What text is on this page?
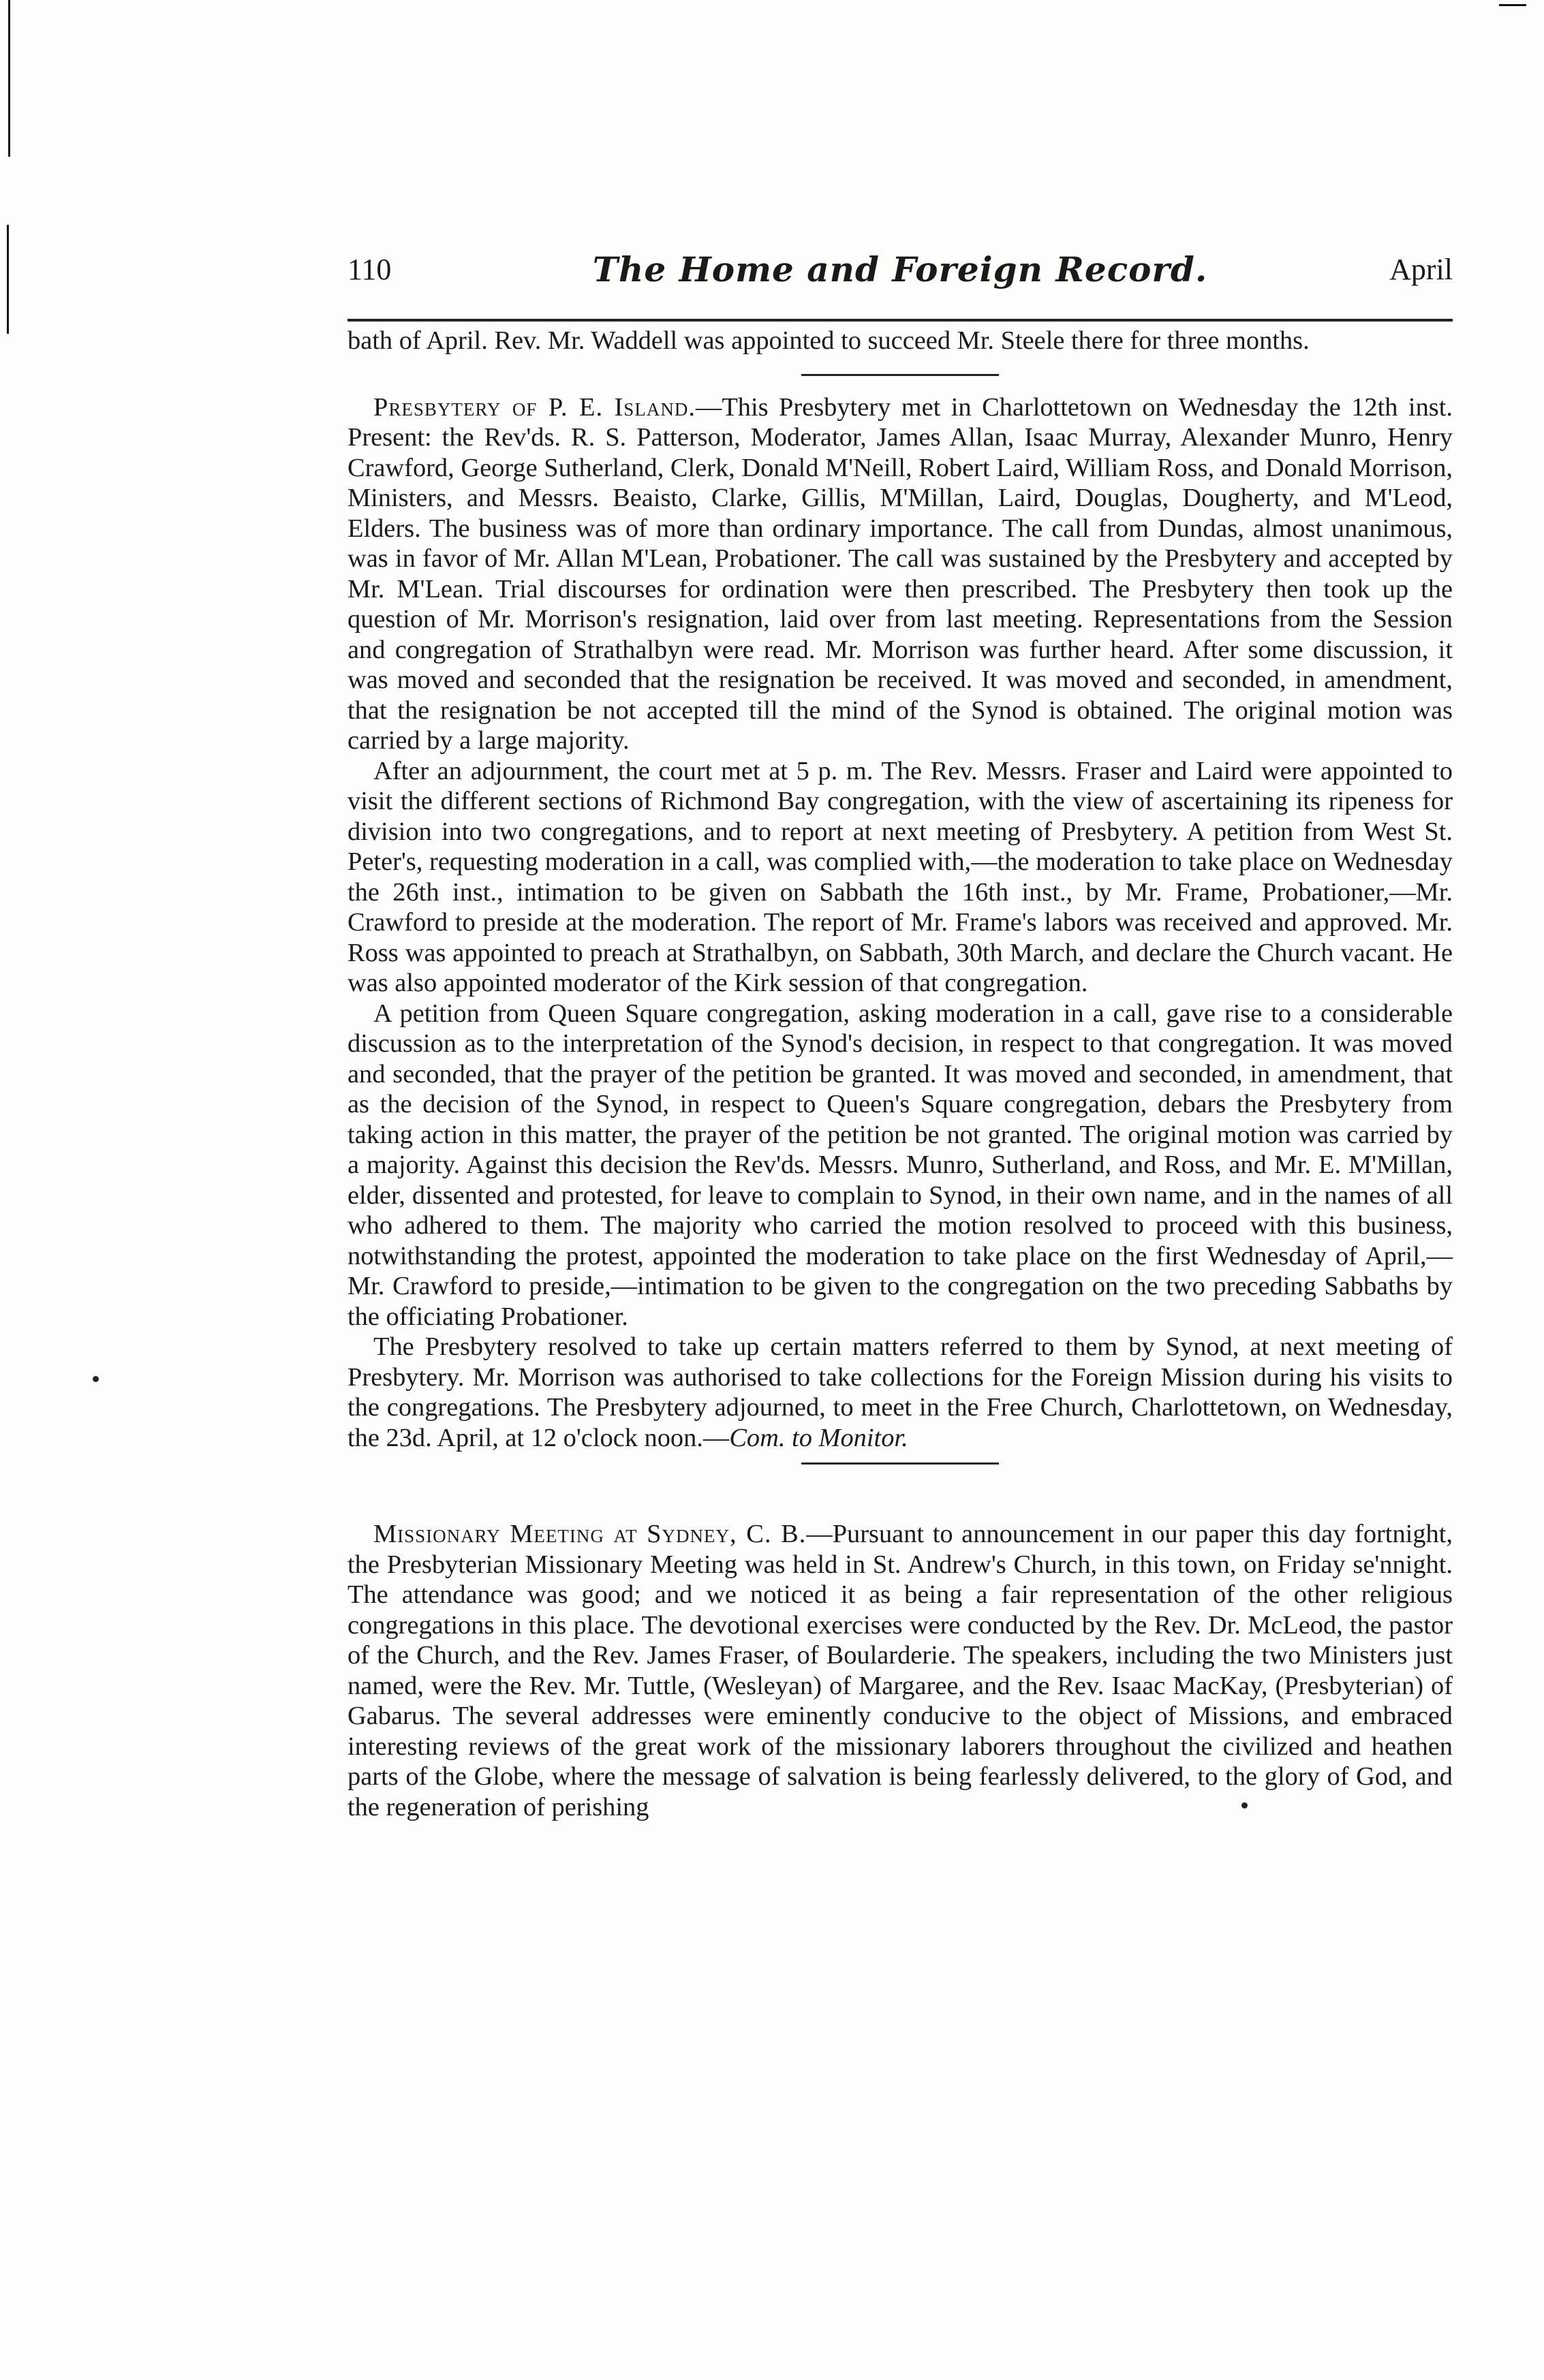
110	The Home and Foreign Record.	April

bath of April. Rev. Mr. Waddell was appointed to succeed Mr. Steele there for three months.

Presbytery of P. E. Island.—This Presbytery met in Charlottetown on Wednesday the 12th inst. Present: the Rev'ds. R. S. Patterson, Moderator, James Allan, Isaac Murray, Alexander Munro, Henry Crawford, George Sutherland, Clerk, Donald M'Neill, Robert Laird, William Ross, and Donald Morrison, Ministers, and Messrs. Beaisto, Clarke, Gillis, M'Millan, Laird, Douglas, Dougherty, and M'Leod, Elders. The business was of more than ordinary importance. The call from Dundas, almost unanimous, was in favor of Mr. Allan M'Lean, Probationer. The call was sustained by the Presbytery and accepted by Mr. M'Lean. Trial discourses for ordination were then prescribed. The Presbytery then took up the question of Mr. Morrison's resignation, laid over from last meeting. Representations from the Session and congregation of Strathalbyn were read. Mr. Morrison was further heard. After some discussion, it was moved and seconded that the resignation be received. It was moved and seconded, in amendment, that the resignation be not accepted till the mind of the Synod is obtained. The original motion was carried by a large majority.

After an adjournment, the court met at 5 p. m. The Rev. Messrs. Fraser and Laird were appointed to visit the different sections of Richmond Bay congregation, with the view of ascertaining its ripeness for division into two congregations, and to report at next meeting of Presbytery. A petition from West St. Peter's, requesting moderation in a call, was complied with,—the moderation to take place on Wednesday the 26th inst., intimation to be given on Sabbath the 16th inst., by Mr. Frame, Probationer,—Mr. Crawford to preside at the moderation. The report of Mr. Frame's labors was received and approved. Mr. Ross was appointed to preach at Strathalbyn, on Sabbath, 30th March, and declare the Church vacant. He was also appointed moderator of the Kirk session of that congregation.

A petition from Queen Square congregation, asking moderation in a call, gave rise to a considerable discussion as to the interpretation of the Synod's decision, in respect to that congregation. It was moved and seconded, that the prayer of the petition be granted. It was moved and seconded, in amendment, that as the decision of the Synod, in respect to Queen's Square congregation, debars the Presbytery from taking action in this matter, the prayer of the petition be not granted. The original motion was carried by a majority. Against this decision the Rev'ds. Messrs. Munro, Sutherland, and Ross, and Mr. E. M'Millan, elder, dissented and protested, for leave to complain to Synod, in their own name, and in the names of all who adhered to them. The majority who carried the motion resolved to proceed with this business, notwithstanding the protest, appointed the moderation to take place on the first Wednesday of April,—Mr. Crawford to preside,—intimation to be given to the congregation on the two preceding Sabbaths by the officiating Probationer.

The Presbytery resolved to take up certain matters referred to them by Synod, at next meeting of Presbytery. Mr. Morrison was authorised to take collections for the Foreign Mission during his visits to the congregations. The Presbytery adjourned, to meet in the Free Church, Charlottetown, on Wednesday, the 23d. April, at 12 o'clock noon.—Com. to Monitor.

Missionary Meeting at Sydney, C. B.—Pursuant to announcement in our paper this day fortnight, the Presbyterian Missionary Meeting was held in St. Andrew's Church, in this town, on Friday se'nnight. The attendance was good; and we noticed it as being a fair representation of the other religious congregations in this place. The devotional exercises were conducted by the Rev. Dr. McLeod, the pastor of the Church, and the Rev. James Fraser, of Boularderie. The speakers, including the two Ministers just named, were the Rev. Mr. Tuttle, (Wesleyan) of Margaree, and the Rev. Isaac MacKay, (Presbyterian) of Gabarus. The several addresses were eminently conducive to the object of Missions, and embraced interesting reviews of the great work of the missionary laborers throughout the civilized and heathen parts of the Globe, where the message of salvation is being fearlessly delivered, to the glory of God, and the regeneration of perishing
